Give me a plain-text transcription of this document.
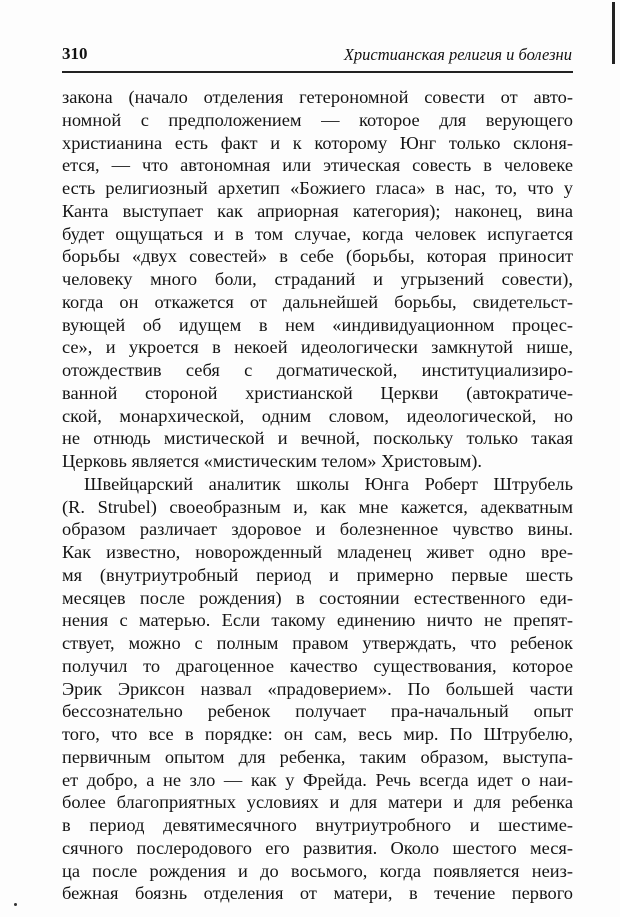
310	Христианская религия и болезни
закона (начало отделения гетерономной совести от авто-
номной с предположением — которое для верующего
христианина есть факт и к которому Юнг только склоня-
ется, — что автономная или этическая совесть в человеке
есть религиозный архетип «Божиего гласа» в нас, то, что у
Канта выступает как априорная категория); наконец, вина
будет ощущаться и в том случае, когда человек испугается
борьбы «двух совестей» в себе (борьбы, которая приносит
человеку много боли, страданий и угрызений совести),
когда он откажется от дальнейшей борьбы, свидетельст-
вующей об идущем в нем «индивидуационном процес-
се», и укроется в некоей идеологически замкнутой нише,
отождествив себя с догматической, институциализиро-
ванной стороной христианской Церкви (автократиче-
ской, монархической, одним словом, идеологической, но
не отнюдь мистической и вечной, поскольку только такая
Церковь является «мистическим телом» Христовым).
Швейцарский аналитик школы Юнга Роберт Штрубель
(R. Strubel) своеобразным и, как мне кажется, адекватным
образом различает здоровое и болезненное чувство вины.
Как известно, новорожденный младенец живет одно вре-
мя (внутриутробный период и примерно первые шесть
месяцев после рождения) в состоянии естественного еди-
нения с матерью. Если такому единению ничто не препят-
ствует, можно с полным правом утверждать, что ребенок
получил то драгоценное качество существования, которое
Эрик Эриксон назвал «прадоверием». По большей части
бессознательно ребенок получает пра-начальный опыт
того, что все в порядке: он сам, весь мир. По Штрубелю,
первичным опытом для ребенка, таким образом, выступа-
ет добро, а не зло — как у Фрейда. Речь всегда идет о наи-
более благоприятных условиях и для матери и для ребенка
в период девятимесячного внутриутробного и шестиме-
сячного послеродового его развития. Около шестого меся-
ца после рождения и до восьмого, когда появляется неиз-
бежная боязнь отделения от матери, в течение первого
